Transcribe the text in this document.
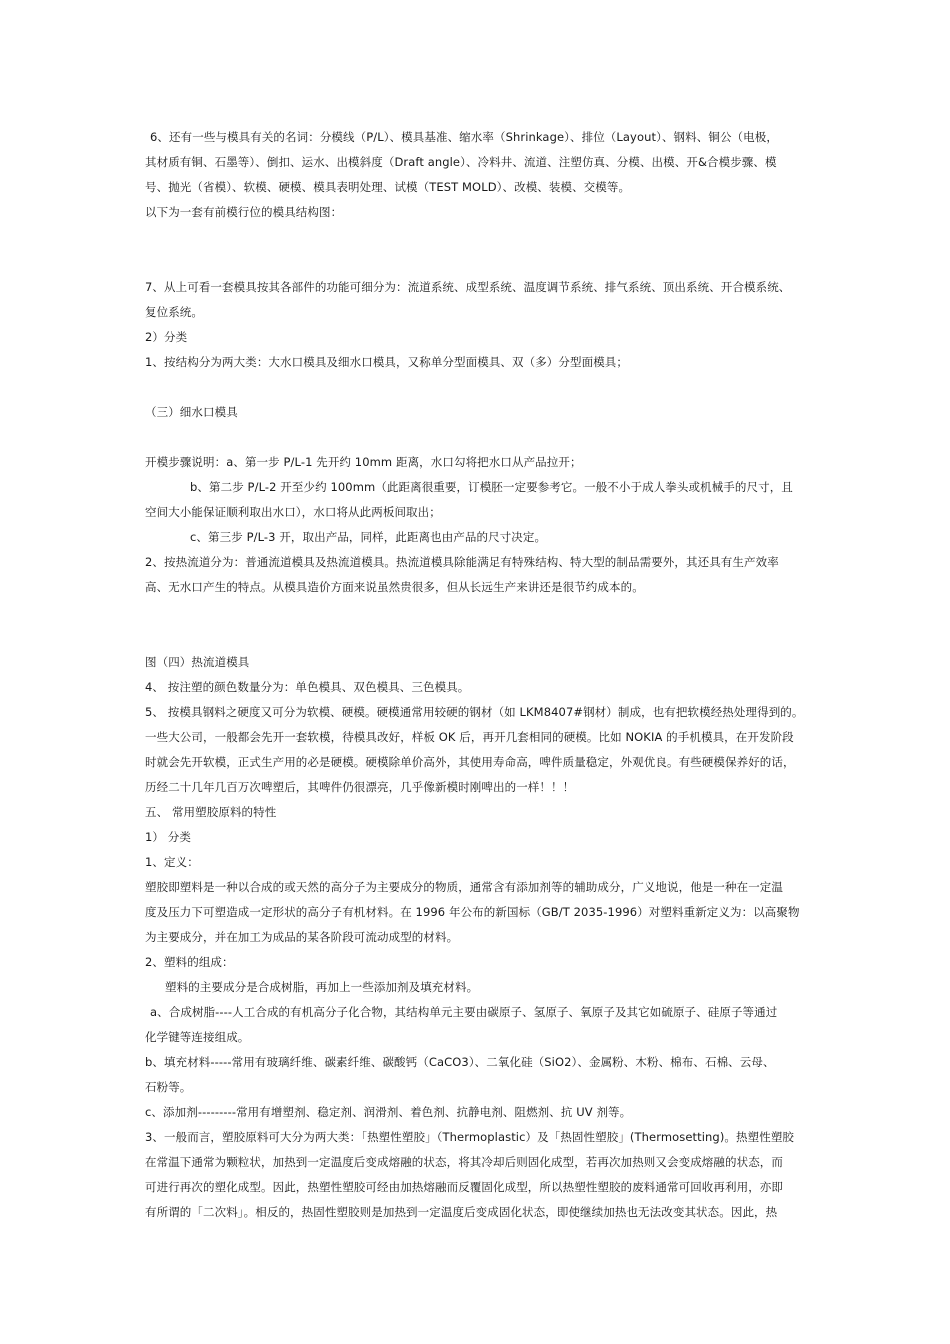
6、还有一些与模具有关的名词：分模线（P/L）、模具基准、缩水率（Shrinkage）、排位（Layout）、钢料、铜公（电极，
其材质有铜、石墨等）、倒扣、运水、出模斜度（Draft angle）、冷料井、流道、注塑仿真、分模、出模、开&合模步骤、模
号、抛光（省模）、软模、硬模、模具表明处理、试模（TEST MOLD）、改模、装模、交模等。
以下为一套有前模行位的模具结构图：
7、从上可看一套模具按其各部件的功能可细分为：流道系统、成型系统、温度调节系统、排气系统、顶出系统、开合模系统、
复位系统。
2）分类
1、按结构分为两大类：大水口模具及细水口模具，又称单分型面模具、双（多）分型面模具；
（三）细水口模具
开模步骤说明：a、第一步 P/L-1 先开约 10mm 距离，水口勾将把水口从产品拉开；
b、第二步 P/L-2 开至少约 100mm（此距离很重要，订模胚一定要参考它。一般不小于成人拳头或机械手的尺寸，且
空间大小能保证顺利取出水口），水口将从此两板间取出；
c、第三步 P/L-3 开，取出产品，同样，此距离也由产品的尺寸决定。
2、按热流道分为：普通流道模具及热流道模具。热流道模具除能满足有特殊结构、特大型的制品需要外，其还具有生产效率
高、无水口产生的特点。从模具造价方面来说虽然贵很多，但从长远生产来讲还是很节约成本的。
图（四）热流道模具
4、 按注塑的颜色数量分为：单色模具、双色模具、三色模具。
5、 按模具钢料之硬度又可分为软模、硬模。硬模通常用较硬的钢材（如 LKM8407#钢材）制成，也有把软模经热处理得到的。
一些大公司，一般都会先开一套软模，待模具改好，样板 OK 后，再开几套相同的硬模。比如 NOKIA 的手机模具，在开发阶段
时就会先开软模，正式生产用的必是硬模。硬模除单价高外，其使用寿命高，啤件质量稳定，外观优良。有些硬模保养好的话，
历经二十几年几百万次啤塑后，其啤件仍很漂亮，几乎像新模时刚啤出的一样！！！
五、 常用塑胶原料的特性
1） 分类
1、定义：
塑胶即塑料是一种以合成的或天然的高分子为主要成分的物质，通常含有添加剂等的辅助成分，广义地说，他是一种在一定温
度及压力下可塑造成一定形状的高分子有机材料。在 1996 年公布的新国标（GB/T 2035-1996）对塑料重新定义为：以高聚物
为主要成分，并在加工为成品的某各阶段可流动成型的材料。
2、塑料的组成：
塑料的主要成分是合成树脂，再加上一些添加剂及填充材料。
a、合成树脂----人工合成的有机高分子化合物，其结构单元主要由碳原子、氢原子、氧原子及其它如硫原子、硅原子等通过
化学键等连接组成。
b、填充材料-----常用有玻璃纤维、碳素纤维、碳酸钙（CaCO3）、二氧化硅（SiO2）、金属粉、木粉、棉布、石棉、云母、
石粉等。
c、添加剂---------常用有增塑剂、稳定剂、润滑剂、着色剂、抗静电剂、阻燃剂、抗 UV 剂等。
3、一般而言，塑胶原料可大分为两大类：「热塑性塑胶」（Thermoplastic）及「热固性塑胶」(Thermosetting)。热塑性塑胶
在常温下通常为颗粒状，加热到一定温度后变成熔融的状态，将其冷却后则固化成型，若再次加热则又会变成熔融的状态，而
可进行再次的塑化成型。因此，热塑性塑胶可经由加热熔融而反覆固化成型，所以热塑性塑胶的废料通常可回收再利用，亦即
有所谓的「二次料」。相反的，热固性塑胶则是加热到一定温度后变成固化状态，即使继续加热也无法改变其状态。因此，热
